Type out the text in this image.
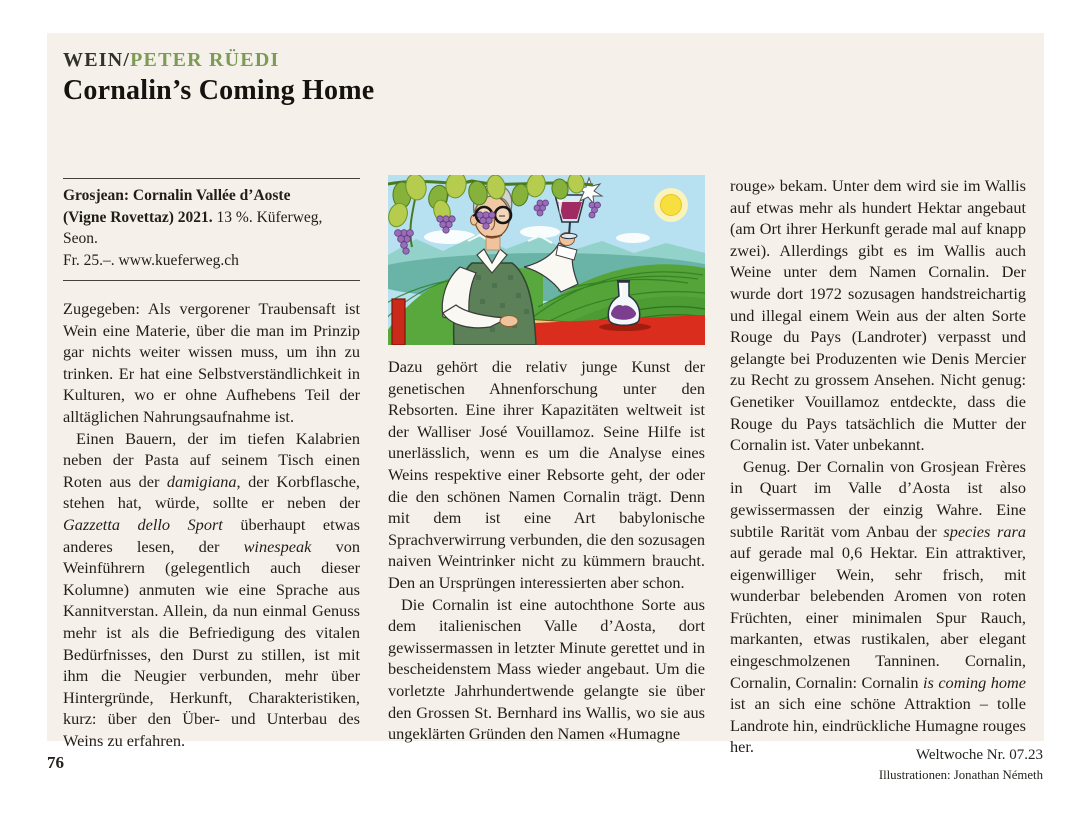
WEIN/PETER RÜEDI
Cornalin’s Coming Home
Grosjean: Cornalin Vallée d’Aoste
(Vigne Rovettaz) 2021. 13 %. Küferweg, Seon.
Fr. 25.–. www.kueferweg.ch

Zugegeben: Als vergorener Traubensaft ist Wein eine Materie, über die man im Prinzip gar nichts weiter wissen muss, um ihn zu trinken. Er hat eine Selbstverständlichkeit in Kulturen, wo er ohne Aufhebens Teil der alltäglichen Nahrungsaufnahme ist.

Einen Bauern, der im tiefen Kalabrien neben der Pasta auf seinem Tisch einen Roten aus der damigiana, der Korbflasche, stehen hat, würde, sollte er neben der Gazzetta dello Sport überhaupt etwas anderes lesen, der winespeak von Weinführern (gelegentlich auch dieser Kolumne) anmuten wie eine Sprache aus Kannitverstan. Allein, da nun einmal Genuss mehr ist als die Befriedigung des vitalen Bedürfnisses, den Durst zu stillen, ist mit ihm die Neugier verbunden, mehr über Hintergründe, Herkunft, Charakteristiken, kurz: über den Über- und Unterbau des Weins zu erfahren.

Dazu gehört die relativ junge Kunst der genetischen Ahnenforschung unter den Rebsorten. Eine ihrer Kapazitäten weltweit ist der Walliser José Vouillamoz. Seine Hilfe ist unerlässlich, wenn es um die Analyse eines Weins respektive einer Rebsorte geht, der oder die den schönen Namen Cornalin trägt. Denn mit dem ist eine Art babylonische Sprachverwirrung verbunden, die den sozusagen naiven Weintrinker nicht zu kümmern braucht. Den an Ursprüngen interessierten aber schon.

Die Cornalin ist eine autochthone Sorte aus dem italienischen Valle d’Aosta, dort gewissermassen in letzter Minute gerettet und in bescheidenstem Mass wieder angebaut. Um die vorletzte Jahrhundertwende gelangte sie über den Grossen St. Bernhard ins Wallis, wo sie aus ungeklärten Gründen den Namen «Humagne

rouge» bekam. Unter dem wird sie im Wallis auf etwas mehr als hundert Hektar angebaut (am Ort ihrer Herkunft gerade mal auf knapp zwei). Allerdings gibt es im Wallis auch Weine unter dem Namen Cornalin. Der wurde dort 1972 sozusagen handstreichartig und illegal einem Wein aus der alten Sorte Rouge du Pays (Landroter) verpasst und gelangte bei Produzenten wie Denis Mercier zu Recht zu grossem Ansehen. Nicht genug: Genetiker Vouillamoz entdeckte, dass die Rouge du Pays tatsächlich die Mutter der Cornalin ist. Vater unbekannt.

Genug. Der Cornalin von Grosjean Frères in Quart im Valle d’Aosta ist also gewissermassen der einzig Wahre. Eine subtile Rarität vom Anbau der species rara auf gerade mal 0,6 Hektar. Ein attraktiver, eigenwilliger Wein, sehr frisch, mit wunderbar belebenden Aromen von roten Früchten, einer minimalen Spur Rauch, markanten, etwas rustikalen, aber elegant eingeschmolzenen Tanninen. Cornalin, Cornalin, Cornalin: Cornalin is coming home ist an sich eine schöne Attraktion – tolle Landrote hin, eindrückliche Humagne rouges her.

76	Weltwoche Nr. 07.23
Illustrationen: Jonathan Németh
